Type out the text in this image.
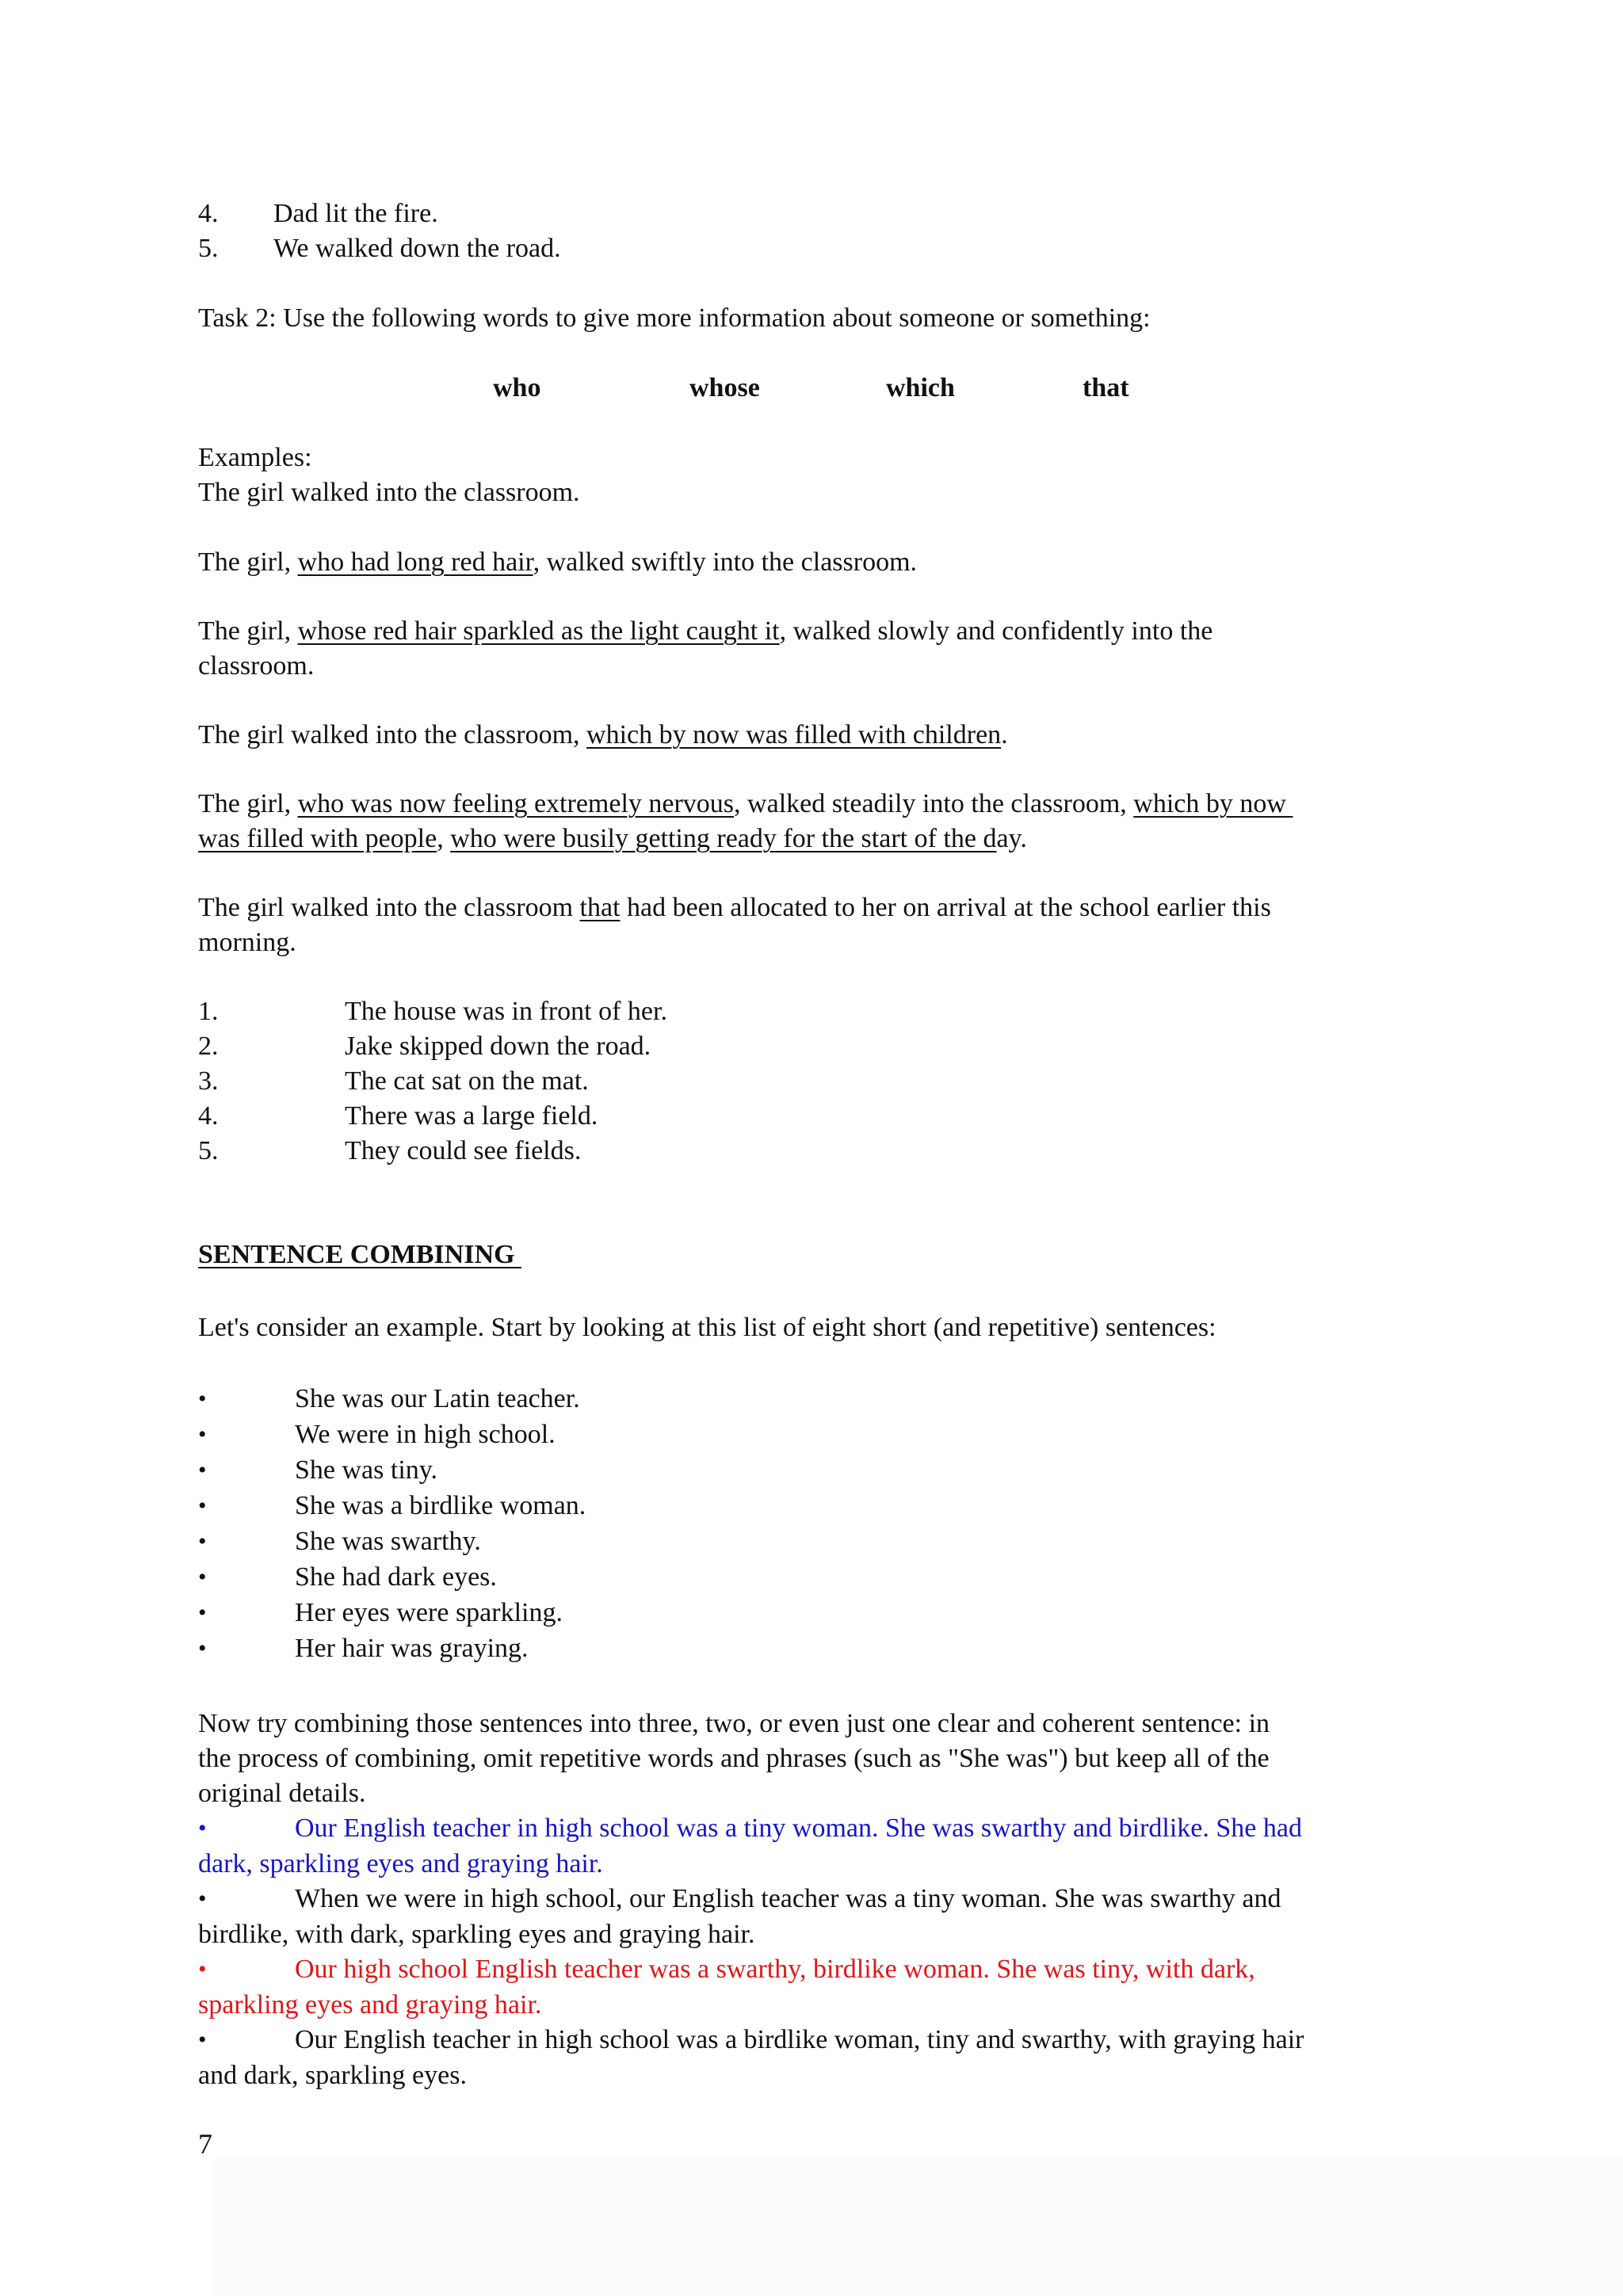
4. Dad lit the fire.
5. We walked down the road.
Task 2: Use the following words to give more information about someone or something:
who	whose	which	that
Examples:
The girl walked into the classroom.
The girl, who had long red hair, walked swiftly into the classroom.
The girl, whose red hair sparkled as the light caught it, walked slowly and confidently into the
classroom.
The girl walked into the classroom, which by now was filled with children.
The girl, who was now feeling extremely nervous, walked steadily into the classroom, which by now
was filled with people, who were busily getting ready for the start of the day.
The girl walked into the classroom that had been allocated to her on arrival at the school earlier this
morning.
1.	The house was in front of her.
2.	Jake skipped down the road.
3.	The cat sat on the mat.
4.	There was a large field.
5.	They could see fields.
SENTENCE COMBINING
Let's consider an example. Start by looking at this list of eight short (and repetitive) sentences:
•	She was our Latin teacher.
•	We were in high school.
•	She was tiny.
•	She was a birdlike woman.
•	She was swarthy.
•	She had dark eyes.
•	Her eyes were sparkling.
•	Her hair was graying.
Now try combining those sentences into three, two, or even just one clear and coherent sentence: in
the process of combining, omit repetitive words and phrases (such as "She was") but keep all of the
original details.
•	Our English teacher in high school was a tiny woman. She was swarthy and birdlike. She had
dark, sparkling eyes and graying hair.
•	When we were in high school, our English teacher was a tiny woman. She was swarthy and
birdlike, with dark, sparkling eyes and graying hair.
•	Our high school English teacher was a swarthy, birdlike woman. She was tiny, with dark,
sparkling eyes and graying hair.
•	Our English teacher in high school was a birdlike woman, tiny and swarthy, with graying hair
and dark, sparkling eyes.
7
